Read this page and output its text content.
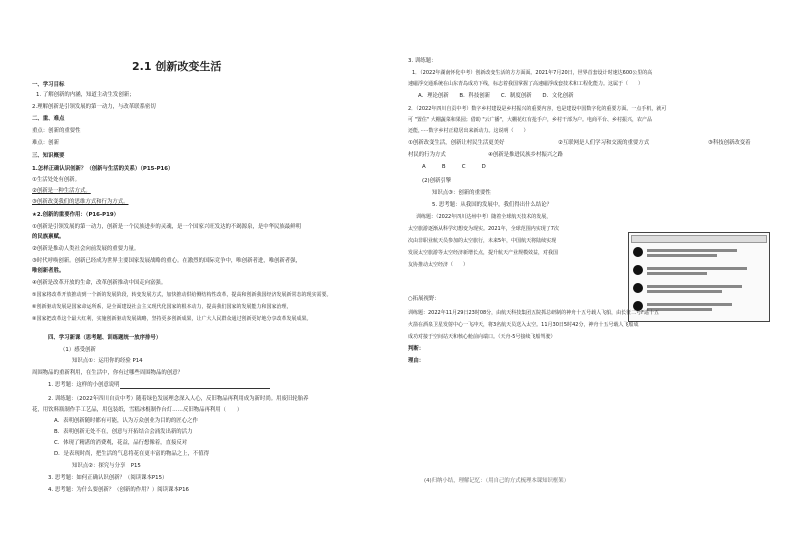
2.1 创新改变生活
一、学习目标
1. 了解创新的内涵，知道主动生发创新；
2.理解创新是引领发展的第一动力，与改革联系密切
二、重、难点
重点：创新的重要性
难点：创新
三、知识概要
1.怎样正确认识创新？（创新与生活的关系）（P15-P16）
①生活处处有创新。
②创新是一种生活方式。
③创新改变我们的思维方式和行为方式。
★2.创新的重要作用：（P16-P19）
①创新是引领发展的第一动力，创新是一个民族进步的灵魂，是一个国家兴旺发达的不竭源泉，是中华民族最鲜明
的民族禀赋。
②创新是推动人类社会向前发展的重要力量。
③时代呼唤创新。创新已经成为世界主要国家发展战略的重心。在激烈的国际竞争中，唯创新者进，唯创新者强，
唯创新者胜。
④创新是改革开放的生命，改革创新推动中国走向富强。
⑤国家将改革开放推动到一个新的发展阶段，转变发展方式，加快推动供给侧结构性改革，提高和创新我国经济发展新常态的现实需要。
⑥创新驱动发展是国家命运所系，是全面建设社会主义现代化国家的根本动力，提高我们国家的发展能力和国家治理，
⑧国家把改革这个最大红利，实施创新驱动发展战略，坚持更多创新成果，让广大人民群众通过创新更好地分享改革发展成果。
四、学习新课（思考题、训练题统一放序排号）
（1）感受创新
知识点①：运用你的经验 P14
周围物品的重新利用，在生活中，你有过哪些周围物品的创意？
1. 思考题：这样的小创意说明
2. 训练题：（2022年四川自贡中考）随着绿色发展理念深入人心，反旧物品再利用成为新时尚。用废旧轮胎养
花，用饮料瓶制作手工艺品，用包装纸，雪糕冰棍制作台灯……反旧物品再利用（　　）
A．表明创新随时都有可能，认为万众创业为目的的匠心之作
B．表明创新无处不在，创意与开拓结合会涌发出新的活力
C．体现了精湛的消费观，花益，品行想像着，直接反对
D．是表现时尚，把生活的气息将花在更丰富的物品之上，不值得
知识点②：探究与分享　P15
3. 思考题：如何正确认识创新？（阅读课本P15）
4. 思考题：为什么要创新？（创新的作用？）阅读课本P16
3. 训练题：
1．（2022年湖南怀化中考）创新改变生活的方方面面。2021年7月20日，世界首套设计时速达600公里的高
速磁浮交通系统在山东青岛成功下线，标志着我国掌握了高速磁浮成套技术和工程化能力。这属于（　　）
A．理论创新　　B．科技创新　　C．制度创新　　D．文化创新
2．（2022年四川自贡中考）数字乡村建设是乡村振兴的重要内容，也是建设中国数字化的重要方面。一点手机，就可
可 "置住" 大棚蔬菜和果园；借助 "云广播"，大棚花红有抢手户，乡村干部为户。电商平台、乡村振兴，农产品
还能，·····数字乡村正稳居出来新动力。这说明（　　）
①创新改变生活，创新让村民生活更美好	②互联网是人们学习和交流的重要方式	③科技创新改变着
村民的行为方式	④创新是推进民族乡村振兴之路
A　　　B　　　C　　　D
(2)创新引擎
知识点③：创新的重要性
5. 思考题：从我国的发展中，我们得出什么结论？
训练题：（2022年四川达州中考）随着全球航天技术的发展，
太空旅游逐渐从科学幻想变为现实。2021年，全球范围内实现了7次
次由非职业航天员参加的太空旅行，未来5年，中国航天将陆续实现
发展太空旅游等太空经济新增长点，提升航天产业规模效益，对我国
友协推动太空经济（　　）
○拓展视野：
训练题：2022年11月29日23时08分，由航天科技集团五院抓总研制的神舟十五号载人飞船，由长征二号F遥十五
火箭在酒泉卫星发射中心一飞冲天，将3名航天员送入太空。11月30日5时42分，神舟十五号载人飞船成
成功对接于空间站天和核心舱前向端口。（天舟-5号接续飞船驾驶）
判断：
理由：
(4)归纳小结，理解记忆：（用自己的方式梳理本课知识框架）
